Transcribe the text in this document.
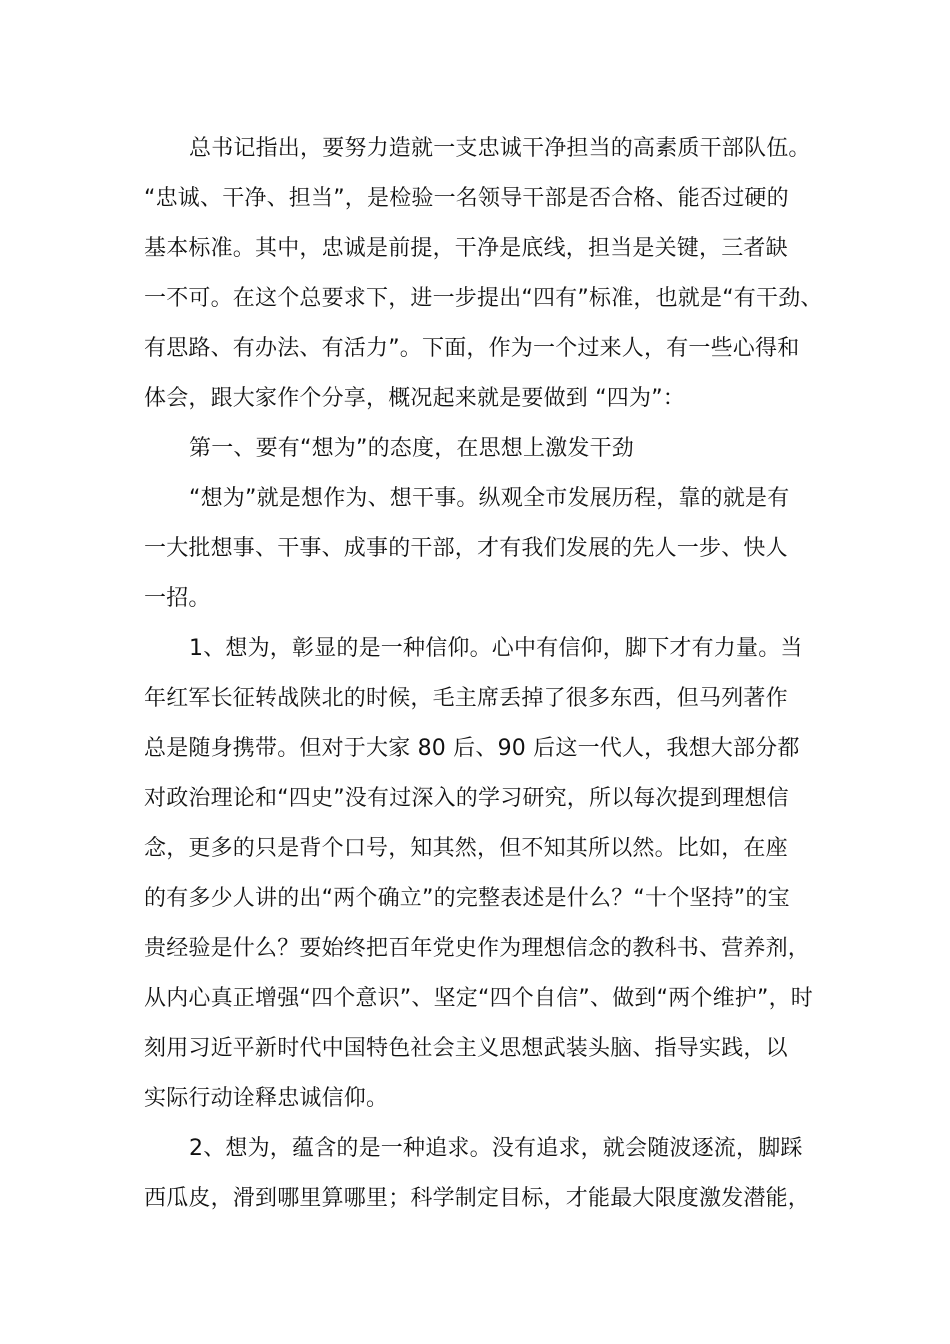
总书记指出，要努力造就一支忠诚干净担当的高素质干部队伍。
“忠诚、干净、担当”，是检验一名领导干部是否合格、能否过硬的
基本标准。其中，忠诚是前提，干净是底线，担当是关键，三者缺
一不可。在这个总要求下，进一步提出“四有”标准，也就是“有干劲、
有思路、有办法、有活力”。下面，作为一个过来人，有一些心得和
体会，跟大家作个分享，概况起来就是要做到 “四为”：
第一、要有“想为”的态度，在思想上激发干劲
“想为”就是想作为、想干事。纵观全市发展历程，靠的就是有
一大批想事、干事、成事的干部，才有我们发展的先人一步、快人
一招。
1、想为，彰显的是一种信仰。心中有信仰，脚下才有力量。当
年红军长征转战陕北的时候，毛主席丢掉了很多东西，但马列著作
总是随身携带。但对于大家 80 后、90 后这一代人，我想大部分都
对政治理论和“四史”没有过深入的学习研究，所以每次提到理想信
念，更多的只是背个口号，知其然，但不知其所以然。比如，在座
的有多少人讲的出“两个确立”的完整表述是什么？“十个坚持”的宝
贵经验是什么？要始终把百年党史作为理想信念的教科书、营养剂，
从内心真正增强“四个意识”、坚定“四个自信”、做到“两个维护”，时
刻用习近平新时代中国特色社会主义思想武装头脑、指导实践，以
实际行动诠释忠诚信仰。
2、想为，蕴含的是一种追求。没有追求，就会随波逐流，脚踩
西瓜皮，滑到哪里算哪里；科学制定目标，才能最大限度激发潜能，
